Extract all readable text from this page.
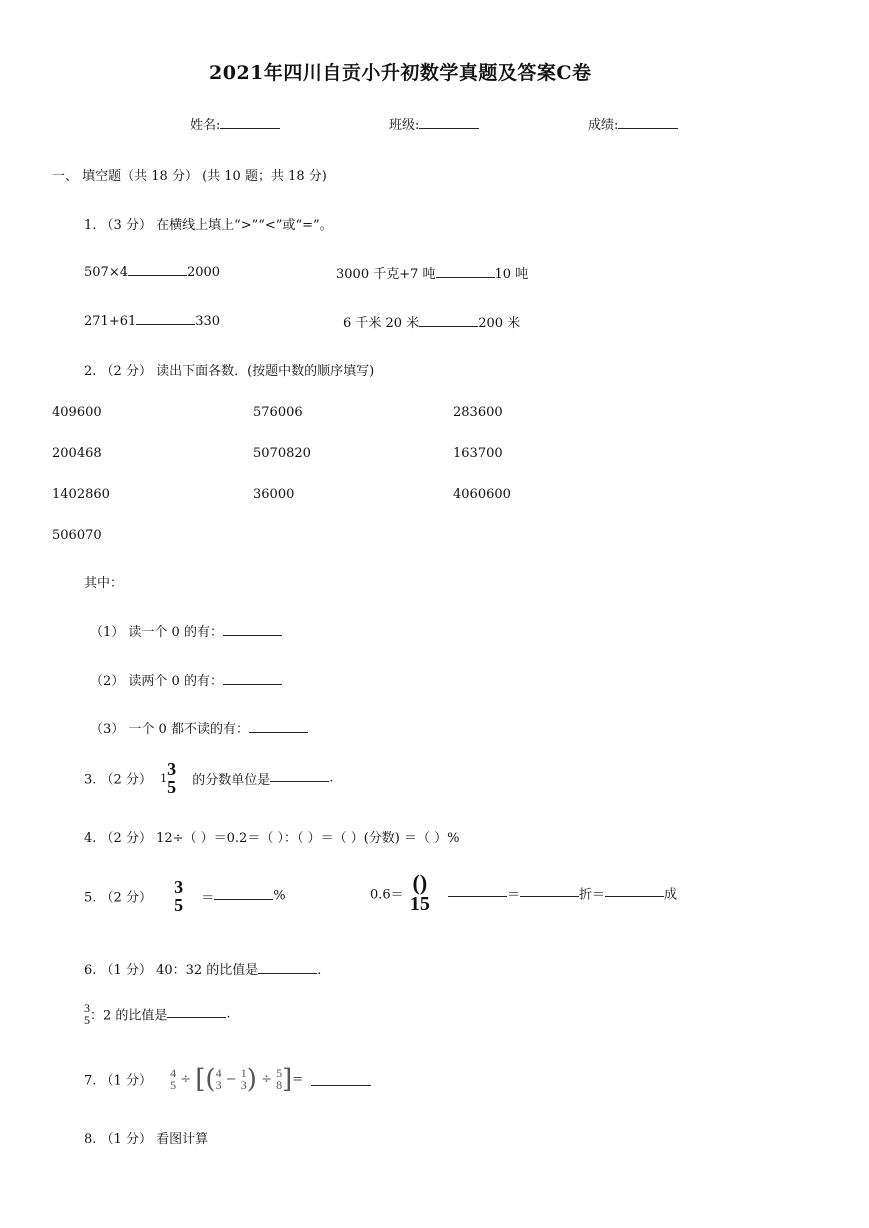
2021年四川自贡小升初数学真题及答案C卷
姓名:	班级:	成绩:
一、 填空题（共 18 分） (共 10 题；共 18 分)
1. （3 分） 在横线上填上“>”“<”或“=”。
507×4	2000	3000 千克+7 吨	10 吨
271+61	330	6 千米 20 米	200 米
2. （2 分） 读出下面各数．(按题中数的顺序填写)
409600	576006	283600
200468	5070820	163700
1402860	36000	4060600
506070
其中：
（1） 读一个 0 的有：
（2） 读两个 0 的有：
（3） 一个 0 都不读的有：
3. （2 分） 1 3
5 的分数单位是	.
4. （2 分） 12÷（ ）＝0.2＝（ ）：（ ）＝（ ）(分数) ＝（ ）%
5. （2 分）
3
5 ＝	%	0.6＝ ()
15	＝	折＝	成
6. （1 分） 40：32 的比值是	.
3
5 ：2 的比值是	.
7. （1 分）
4
5 ÷ [( 4
3 − 1
3 ) ÷ 5
8 ]=
8. （1 分） 看图计算
